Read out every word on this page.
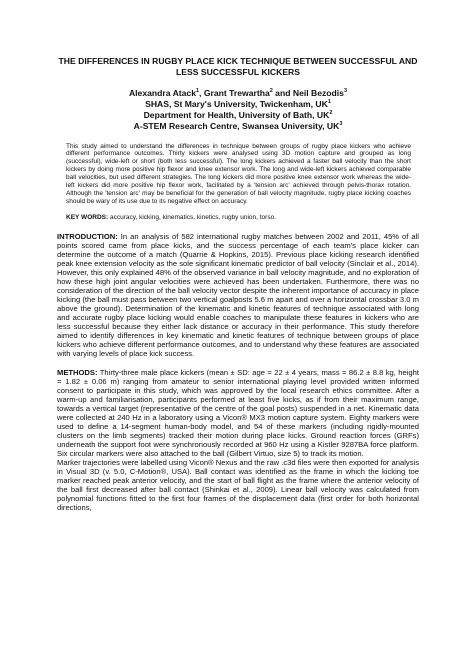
THE DIFFERENCES IN RUGBY PLACE KICK TECHNIQUE BETWEEN SUCCESSFUL AND LESS SUCCESSFUL KICKERS
Alexandra Atack$^1$, Grant Trewartha$^2$ and Neil Bezodis$^3$
SHAS, St Mary's University, Twickenham, $UK^1$
Department for Health, University of Bath, $UK^2$
A-STEM Research Centre, Swansea University, $UK^3$

This study aimed to understand the differences in technique between groups of rugby place kickers who achieve different performance outcomes. Thirty kickers were analysed using 3D motion capture and grouped as long (successful), wide-left or short (both less successful). The long kickers achieved a faster ball velocity than the short kickers by doing more positive hip flexor and knee extensor work. The long and wide-left kickers achieved comparable ball velocities, but used different strategies. The long kickers did more positive knee extensor work whereas the wide-left kickers did more positive hip flexor work, facilitated by a 'tension arc' achieved through pelvis-thorax rotation. Although the 'tension arc' may be beneficial for the generation of ball velocity magnitude, rugby place kicking coaches should be wary of its use due to its negative effect on accuracy.

KEY WORDS: accuracy, kicking, kinematics, kinetics, rugby union, torso.

INTRODUCTION: In an analysis of 582 international rugby matches between 2002 and 2011, 45% of all points scored came from place kicks, and the success percentage of each team's place kicker can determine the outcome of a match (Quarrie & Hopkins, 2015). Previous place kicking research identified peak knee extension velocity as the sole significant kinematic predictor of ball velocity (Sinclair et al., 2014). However, this only explained 48% of the observed variance in ball velocity magnitude, and no exploration of how these high joint angular velocities were achieved has been undertaken. Furthermore, there was no consideration of the direction of the ball velocity vector despite the inherent importance of accuracy in place kicking (the ball must pass between two vertical goalposts 5.6 m apart and over a horizontal crossbar 3.0 m above the ground). Determination of the kinematic and kinetic features of technique associated with long and accurate rugby place kicking would enable coaches to manipulate these features in kickers who are less successful because they either lack distance or accuracy in their performance. This study therefore aimed to identify differences in key kinematic and kinetic features of technique between groups of place kickers who achieve different performance outcomes, and to understand why these features are associated with varying levels of place kick success.

METHODS: Thirty-three male place kickers (mean ± SD: age = 22 ± 4 years, mass = 86.2 ± 8.8 kg, height = 1.82 ± 0.06 m) ranging from amateur to senior international playing level provided written informed consent to participate in this study, which was approved by the local research ethics committee. After a warm-up and familiarisation, participants performed at least five kicks, as if from their maximum range, towards a vertical target (representative of the centre of the goal posts) suspended in a net. Kinematic data were collected at 240 Hz in a laboratory using a Vicon® MX3 motion capture system. Eighty markers were used to define a 14-segment human-body model, and 54 of these markers (including rigidly-mounted clusters on the limb segments) tracked their motion during place kicks. Ground reaction forces (GRFs) underneath the support foot were synchronously recorded at 960 Hz using a Kistler 9287BA force platform. Six circular markers were also attached to the ball (Gilbert Virtuo, size 5) to track its motion.

Marker trajectories were labelled using Vicon® Nexus and the raw .c3d files were then exported for analysis in Visual 3D (v. 5.0, C-Motion®, USA). Ball contact was identified as the frame in which the kicking toe marker reached peak anterior velocity, and the start of ball flight as the frame where the anterior velocity of the ball first decreased after ball contact (Shinkai et al., 2009). Linear ball velocity was calculated from polynomial functions fitted to the first four frames of the displacement data (first order for both horizontal directions,
